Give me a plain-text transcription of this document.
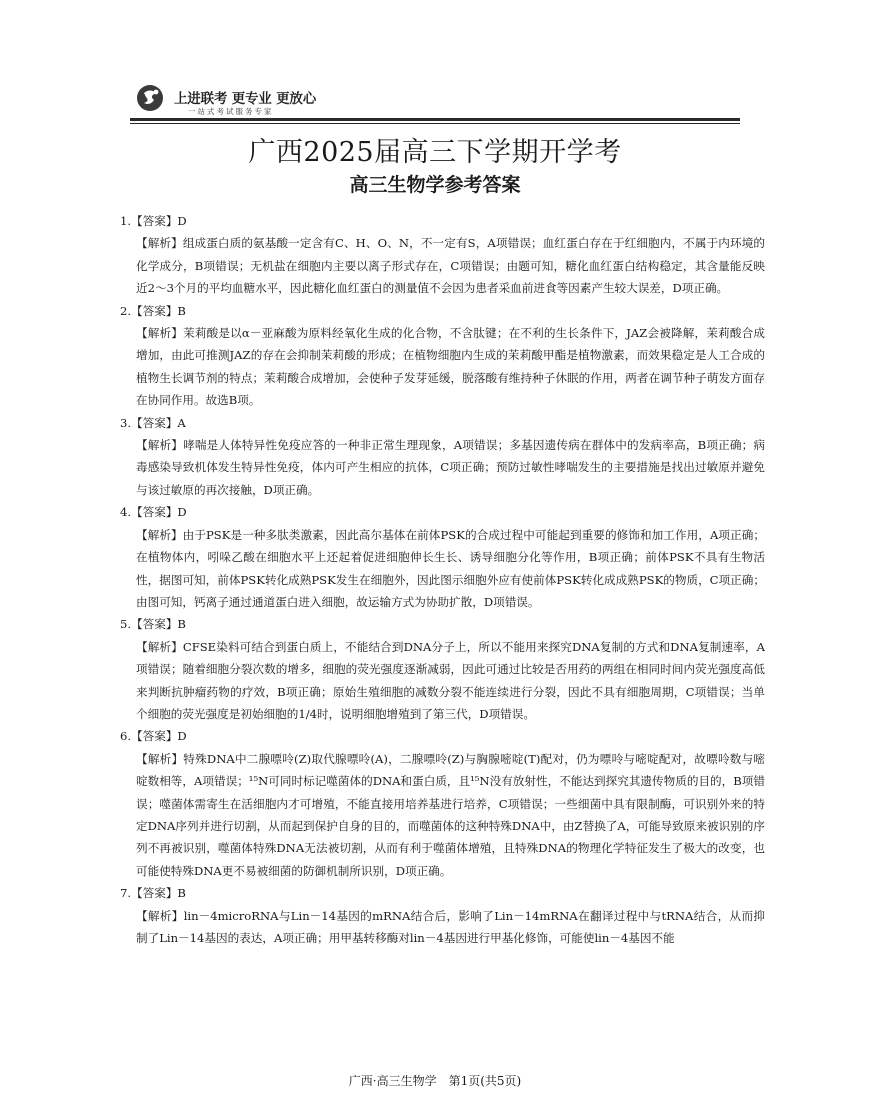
上进联考 更专业 更放心
一站式考试服务专家
广西2025届高三下学期开学考
高三生物学参考答案
1.【答案】D
【解析】组成蛋白质的氨基酸一定含有C、H、O、N，不一定有S，A项错误；血红蛋白存在于红细胞内，不属于内环境的化学成分，B项错误；无机盐在细胞内主要以离子形式存在，C项错误；由题可知，糖化血红蛋白结构稳定，其含量能反映近2～3个月的平均血糖水平，因此糖化血红蛋白的测量值不会因为患者采血前进食等因素产生较大误差，D项正确。
2.【答案】B
【解析】茉莉酸是以α－亚麻酸为原料经氧化生成的化合物，不含肽键；在不利的生长条件下，JAZ会被降解，茉莉酸合成增加，由此可推测JAZ的存在会抑制茉莉酸的形成；在植物细胞内生成的茉莉酸甲酯是植物激素，而效果稳定是人工合成的植物生长调节剂的特点；茉莉酸合成增加，会使种子发芽延缓，脱落酸有维持种子休眠的作用，两者在调节种子萌发方面存在协同作用。故选B项。
3.【答案】A
【解析】哮喘是人体特异性免疫应答的一种非正常生理现象，A项错误；多基因遗传病在群体中的发病率高，B项正确；病毒感染导致机体发生特异性免疫，体内可产生相应的抗体，C项正确；预防过敏性哮喘发生的主要措施是找出过敏原并避免与该过敏原的再次接触，D项正确。
4.【答案】D
【解析】由于PSK是一种多肽类激素，因此高尔基体在前体PSK的合成过程中可能起到重要的修饰和加工作用，A项正确；在植物体内，吲哚乙酸在细胞水平上还起着促进细胞伸长生长、诱导细胞分化等作用，B项正确；前体PSK不具有生物活性，据图可知，前体PSK转化成熟PSK发生在细胞外，因此图示细胞外应有使前体PSK转化成成熟PSK的物质，C项正确；由图可知，钙离子通过通道蛋白进入细胞，故运输方式为协助扩散，D项错误。
5.【答案】B
【解析】CFSE染料可结合到蛋白质上，不能结合到DNA分子上，所以不能用来探究DNA复制的方式和DNA复制速率，A项错误；随着细胞分裂次数的增多，细胞的荧光强度逐渐减弱，因此可通过比较是否用药的两组在相同时间内荧光强度高低来判断抗肿瘤药物的疗效，B项正确；原始生殖细胞的减数分裂不能连续进行分裂，因此不具有细胞周期，C项错误；当单个细胞的荧光强度是初始细胞的1/4时，说明细胞增殖到了第三代，D项错误。
6.【答案】D
【解析】特殊DNA中二腺嘌呤(Z)取代腺嘌呤(A)，二腺嘌呤(Z)与胸腺嘧啶(T)配对，仍为嘌呤与嘧啶配对，故嘌呤数与嘧啶数相等，A项错误；¹⁵N可同时标记噬菌体的DNA和蛋白质，且¹⁵N没有放射性，不能达到探究其遗传物质的目的，B项错误；噬菌体需寄生在活细胞内才可增殖，不能直接用培养基进行培养，C项错误；一些细菌中具有限制酶，可识别外来的特定DNA序列并进行切割，从而起到保护自身的目的，而噬菌体的这种特殊DNA中，由Z替换了A，可能导致原来被识别的序列不再被识别，噬菌体特殊DNA无法被切割，从而有利于噬菌体增殖，且特殊DNA的物理化学特征发生了极大的改变，也可能使特殊DNA更不易被细菌的防御机制所识别，D项正确。
7.【答案】B
【解析】lin－4microRNA与Lin－14基因的mRNA结合后，影响了Lin－14mRNA在翻译过程中与tRNA结合，从而抑制了Lin－14基因的表达，A项正确；用甲基转移酶对lin－4基因进行甲基化修饰，可能使lin－4基因不能
广西·高三生物学　第1页(共5页)
